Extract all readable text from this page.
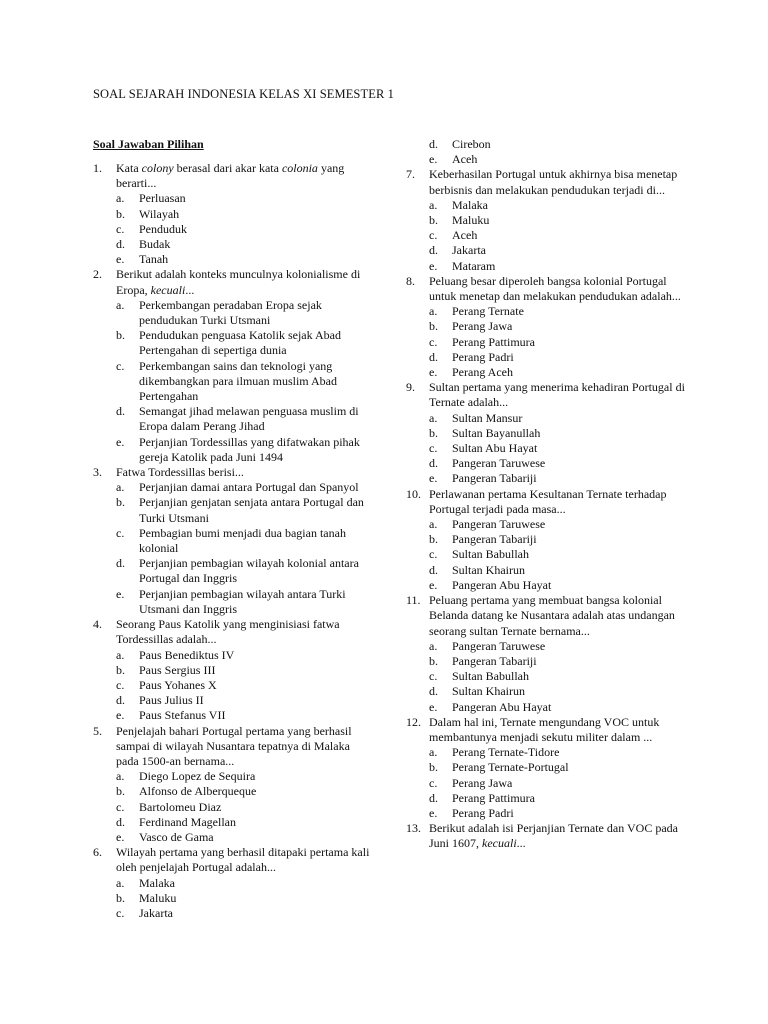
SOAL SEJARAH INDONESIA KELAS XI SEMESTER 1
Soal Jawaban Pilihan
1. Kata colony berasal dari akar kata colonia yang berarti...
a. Perluasan
b. Wilayah
c. Penduduk
d. Budak
e. Tanah
2. Berikut adalah konteks munculnya kolonialisme di Eropa, kecuali...
a. Perkembangan peradaban Eropa sejak pendudukan Turki Utsmani
b. Pendudukan penguasa Katolik sejak Abad Pertengahan di sepertiga dunia
c. Perkembangan sains dan teknologi yang dikembangkan para ilmuan muslim Abad Pertengahan
d. Semangat jihad melawan penguasa muslim di Eropa dalam Perang Jihad
e. Perjanjian Tordessillas yang difatwakan pihak gereja Katolik pada Juni 1494
3. Fatwa Tordessillas berisi...
a. Perjanjian damai antara Portugal dan Spanyol
b. Perjanjian genjatan senjata antara Portugal dan Turki Utsmani
c. Pembagian bumi menjadi dua bagian tanah kolonial
d. Perjanjian pembagian wilayah kolonial antara Portugal dan Inggris
e. Perjanjian pembagian wilayah antara Turki Utsmani dan Inggris
4. Seorang Paus Katolik yang menginisiasi fatwa Tordessillas adalah...
a. Paus Benediktus IV
b. Paus Sergius III
c. Paus Yohanes X
d. Paus Julius II
e. Paus Stefanus VII
5. Penjelajah bahari Portugal pertama yang berhasil sampai di wilayah Nusantara tepatnya di Malaka pada 1500-an bernama...
a. Diego Lopez de Sequira
b. Alfonso de Alberqueque
c. Bartolomeu Diaz
d. Ferdinand Magellan
e. Vasco de Gama
6. Wilayah pertama yang berhasil ditapaki pertama kali oleh penjelajah Portugal adalah...
a. Malaka
b. Maluku
c. Jakarta
d. Cirebon
e. Aceh
7. Keberhasilan Portugal untuk akhirnya bisa menetap berbisnis dan melakukan pendudukan terjadi di...
a. Malaka
b. Maluku
c. Aceh
d. Jakarta
e. Mataram
8. Peluang besar diperoleh bangsa kolonial Portugal untuk menetap dan melakukan pendudukan adalah...
a. Perang Ternate
b. Perang Jawa
c. Perang Pattimura
d. Perang Padri
e. Perang Aceh
9. Sultan pertama yang menerima kehadiran Portugal di Ternate adalah...
a. Sultan Mansur
b. Sultan Bayanullah
c. Sultan Abu Hayat
d. Pangeran Taruwese
e. Pangeran Tabariji
10. Perlawanan pertama Kesultanan Ternate terhadap Portugal terjadi pada masa...
a. Pangeran Taruwese
b. Pangeran Tabariji
c. Sultan Babullah
d. Sultan Khairun
e. Pangeran Abu Hayat
11. Peluang pertama yang membuat bangsa kolonial Belanda datang ke Nusantara adalah atas undangan seorang sultan Ternate bernama...
a. Pangeran Taruwese
b. Pangeran Tabariji
c. Sultan Babullah
d. Sultan Khairun
e. Pangeran Abu Hayat
12. Dalam hal ini, Ternate mengundang VOC untuk membantunya menjadi sekutu militer dalam ...
a. Perang Ternate-Tidore
b. Perang Ternate-Portugal
c. Perang Jawa
d. Perang Pattimura
e. Perang Padri
13. Berikut adalah isi Perjanjian Ternate dan VOC pada Juni 1607, kecuali...
